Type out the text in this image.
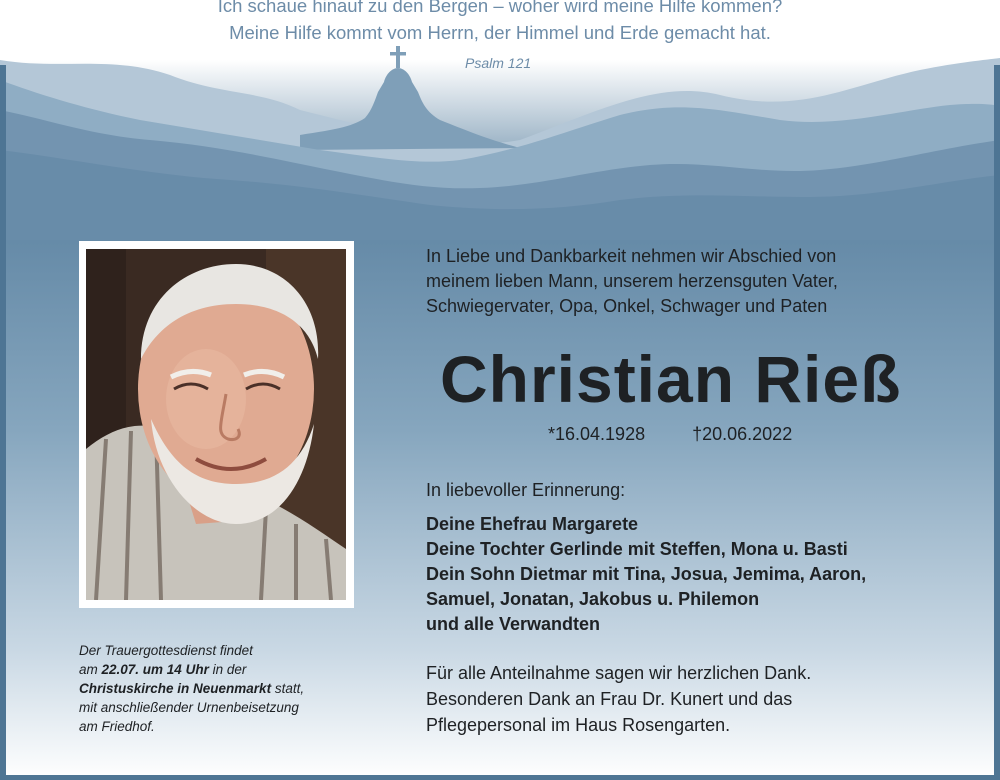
Ich schaue hinauf zu den Bergen – woher wird meine Hilfe kommen?
Meine Hilfe kommt vom Herrn, der Himmel und Erde gemacht hat.
Psalm 121
Der Trauergottesdienst findet
am 22.07. um 14 Uhr in der
Christuskirche in Neuenmarkt statt,
mit anschließender Urnenbeisetzung
am Friedhof.
In Liebe und Dankbarkeit nehmen wir Abschied von
meinem lieben Mann, unserem herzensguten Vater,
Schwiegervater, Opa, Onkel, Schwager und Paten
Christian Rieß
*16.04.1928	†20.06.2022
In liebevoller Erinnerung:
Deine Ehefrau Margarete
Deine Tochter Gerlinde mit Steffen, Mona u. Basti
Dein Sohn Dietmar mit Tina, Josua, Jemima, Aaron,
Samuel, Jonatan, Jakobus u. Philemon
und alle Verwandten
Für alle Anteilnahme sagen wir herzlichen Dank.
Besonderen Dank an Frau Dr. Kunert und das
Pflegepersonal im Haus Rosengarten.
